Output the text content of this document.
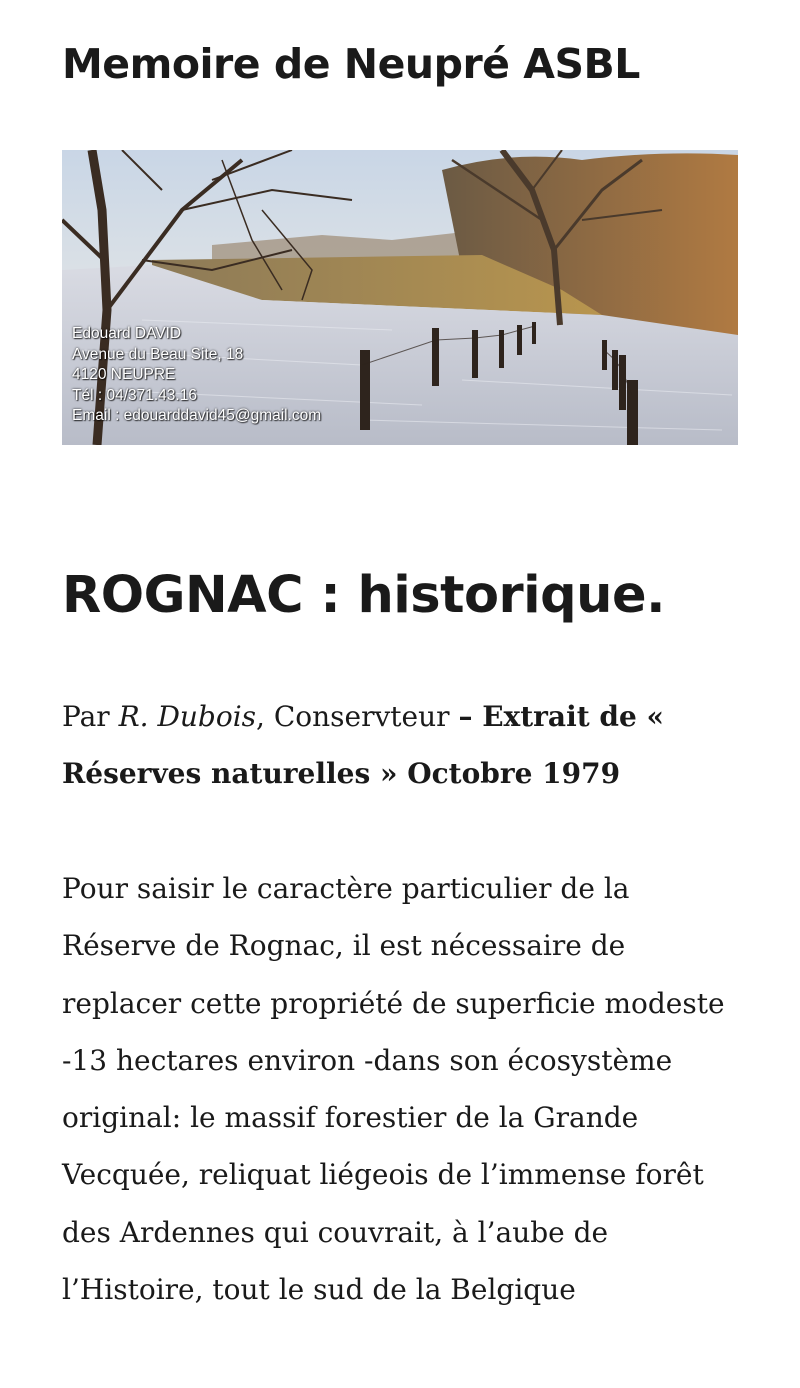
Memoire de Neupré ASBL
Edouard DAVID
Avenue du Beau Site, 18
4120 NEUPRE
Tél : 04/371.43.16
Email : edouarddavid45@gmail.com
ROGNAC : historique.

Par R. Dubois, Conservteur – Extrait de « Réserves naturelles » Octobre 1979

Pour saisir le caractère particulier de la Réserve de Rognac, il est nécessaire de replacer cette propriété de superficie modeste -13 hectares environ -dans son écosystème original: le massif forestier de la Grande Vecquée, reliquat liégeois de l’immense forêt des Ardennes qui couvrait, à l’aube de l’Histoire, tout le sud de la Belgique
